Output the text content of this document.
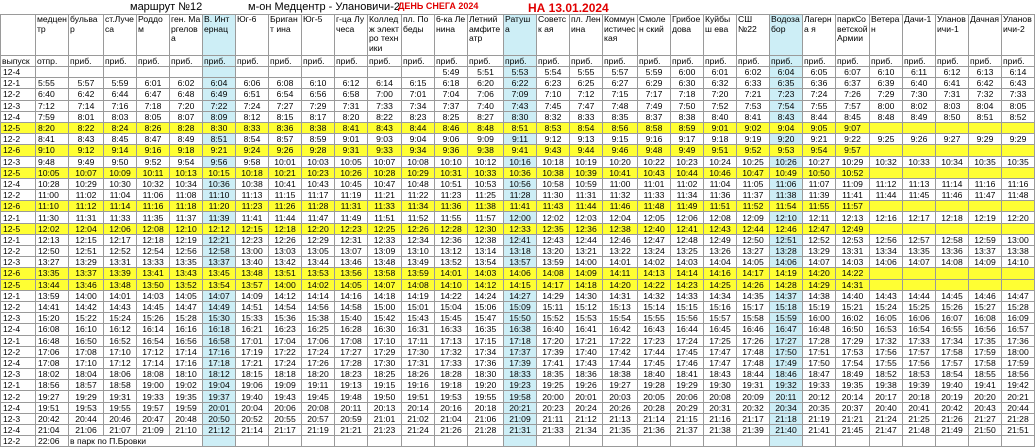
маршрут №12	м-он Медцентр - Улановичи-2
ДЕНЬ СНЕГА 2024	НА 13.01.2024
	медцентр	бульвар	ст.Луче са	Роддом	ген. Маргелова	В. Интернац	Юг-6	Бригант ина	Юг-5	г-ца Лучеса	Колледж электро техники	пл. Победы	6-ка Ленина	Летний амфитеатр	Ратуша	Советск ая	пл. Ленина	Коммун истическая	Смолен ский	Грибое дова	Куйбыш ева	СШ №22	Водоза бор	Лагерна я	паркСоветской Армии	Ветера н	Дачи-1	Уланов ичи-1	Дачная	Уланов ичи-2
выпуск	отпр.	приб.	приб.	приб.	приб.	приб.	приб.	приб.	приб.	приб.	приб.	приб.	приб.	приб.	приб.	приб.	приб.	приб.	приб.	приб.	приб.	приб.	приб.	приб.	приб.	приб.	приб.	приб.	приб.	приб.
12-4													5:49	5:51	5:53	5:54	5:55	5:57	5:59	6:00	6:01	6:02	6:04	6:05	6:07	6:10	6:11	6:12	6:13	6:14
12-1	5:55	5:57	5:59	6:01	6:02	6:04	6:06	6:08	6:10	6:12	6:14	6:15	6:18	6:20	6:22	6:23	6:25	6:27	6:29	6:30	6:32	6:33	6:35	6:36	6:37	6:39	6:40	6:41	6:42	6:43
12-2	6:40	6:42	6:44	6:47	6:48	6:49	6:51	6:54	6:56	6:58	7:00	7:01	7:04	7:06	7:09	7:10	7:12	7:15	7:17	7:18	7:20	7:21	7:23	7:24	7:26	7:29	7:30	7:31	7:32	7:33
12-3	7:12	7:14	7:16	7:18	7:20	7:22	7:24	7:27	7:29	7:31	7:33	7:34	7:37	7:40	7:43	7:45	7:47	7:48	7:49	7:50	7:52	7:53	7:54	7:55	7:57	8:00	8:02	8:03	8:04	8:05
12-4	7:59	8:01	8:03	8:05	8:07	8:09	8:12	8:15	8:17	8:20	8:22	8:23	8:25	8:27	8:30	8:32	8:33	8:35	8:37	8:38	8:40	8:41	8:43	8:44	8:45	8:48	8:49	8:50	8:51	8:52
12-5	8:20	8:22	8:24	8:26	8:28	8:30	8:33	8:36	8:38	8:41	8:43	8:44	8:46	8:48	8:51	8:53	8:54	8:56	8:58	8:59	9:01	9:02	9:04	9:05	9:07					
12-2	8:41	8:43	8:45	8:47	8:49	8:51	8:54	8:57	8:59	9:01	9:03	9:04	9:06	9:09	9:11	9:12	9:13	9:15	9:16	9:17	9:18	9:19	9:20	9:21	9:22	9:25	9:26	9:27	9:29	9:29
12-6	9:10	9:12	9:14	9:16	9:18	9:21	9:24	9:26	9:28	9:31	9:33	9:34	9:36	9:38	9:41	9:43	9:44	9:46	9:48	9:49	9:51	9:52	9:53	9:54	9:57					
12-3	9:48	9:49	9:50	9:52	9:54	9:56	9:58	10:01	10:03	10:05	10:07	10:08	10:10	10:12	10:16	10:18	10:19	10:20	10:22	10:23	10:24	10:25	10:26	10:27	10:29	10:32	10:33	10:34	10:35	10:35
12-5	10:05	10:07	10:09	10:11	10:13	10:15	10:18	10:21	10:23	10:26	10:28	10:29	10:31	10:33	10:36	10:38	10:39	10:41	10:43	10:44	10:46	10:47	10:49	10:50	10:52					
12-4	10:28	10:29	10:30	10:32	10:34	10:36	10:38	10:41	10:43	10:45	10:47	10:48	10:51	10:53	10:56	10:58	10:59	11:00	11:01	11:02	11:04	11:05	11:06	11:07	11:09	11:12	11:13	11:14	11:16	11:16
12-2	11:00	11:02	11:04	11:06	11:08	11:10	11:13	11:15	11:17	11:19	11:21	11:22	11:23	11:25	11:28	11:30	11:31	11:32	11:33	11:34	11:36	11:37	11:38	11:39	11:41	11:44	11:45	11:46	11:47	11:48
12-6	11:10	11:12	11:14	11:16	11:18	11:20	11:23	11:26	11:28	11:31	11:33	11:34	11:36	11:38	11:41	11:43	11:44	11:46	11:48	11:49	11:51	11:52	11:54	11:55	11:57					
12-1	11:30	11:31	11:33	11:35	11:37	11:39	11:41	11:44	11:47	11:49	11:51	11:52	11:55	11:57	12:00	12:02	12:03	12:04	12:05	12:06	12:08	12:09	12:10	12:11	12:13	12:16	12:17	12:18	12:19	12:20
12-5	12:02	12:04	12:06	12:08	12:10	12:12	12:15	12:18	12:20	12:23	12:25	12:26	12:28	12:30	12:33	12:35	12:36	12:38	12:40	12:41	12:43	12:44	12:46	12:47	12:49					
12-1	12:13	12:15	12:17	12:18	12:19	12:21	12:23	12:26	12:29	12:31	12:33	12:34	12:36	12:38	12:41	12:43	12:44	12:46	12:47	12:48	12:49	12:50	12:51	12:52	12:53	12:56	12:57	12:58	12:59	13:00
12-2	12:50	12:51	12:52	12:54	12:56	12:58	13:00	13:03	13:05	13:07	13:09	13:10	13:12	13:14	13:18	13:20	13:21	13:22	13:24	13:25	13:26	13:27	13:28	13:29	13:31	13:34	13:35	13:36	13:37	13:38
12-3	13:27	13:29	13:31	13:33	13:35	13:37	13:40	13:42	13:44	13:46	13:48	13:49	13:52	13:54	13:57	13:59	14:00	14:01	14:02	14:03	14:04	14:05	14:06	14:07	14:03	14:06	14:07	14:08	14:09	14:10
12-6	13:35	13:37	13:39	13:41	13:43	13:45	13:48	13:51	13:53	13:56	13:58	13:59	14:01	14:03	14:06	14:08	14:09	14:11	14:13	14:14	14:16	14:17	14:19	14:20	14:22					
12-5	13:44	13:46	13:48	13:50	13:52	13:54	13:57	14:00	14:02	14:05	14:07	14:08	14:10	14:12	14:15	14:17	14:18	14:20	14:22	14:23	14:25	14:26	14:28	14:29	14:31					
12-1	13:59	14:00	14:01	14:03	14:05	14:07	14:09	14:12	14:14	14:16	14:18	14:19	14:22	14:24	14:27	14:29	14:30	14:31	14:32	14:33	14:34	14:35	14:37	14:38	14:40	14:43	14:44	14:45	14:46	14:47
12-2	14:41	14:42	14:43	14:45	14:47	14:49	14:51	14:54	14:56	14:58	15:00	15:01	15:04	15:06	15:09	15:11	15:12	15:13	15:14	15:15	15:16	15:17	15:18	15:19	15:21	15:24	15:25	15:26	15:27	15:28
12-3	15:20	15:22	15:24	15:26	15:28	15:30	15:33	15:36	15:38	15:40	15:42	15:43	15:45	15:47	15:50	15:52	15:53	15:54	15:55	15:56	15:57	15:58	15:59	16:00	16:02	16:05	16:06	16:07	16:08	16:09
12-4	16:08	16:10	16:12	16:14	16:16	16:18	16:21	16:23	16:25	16:28	16:30	16:31	16:33	16:35	16:38	16:40	16:41	16:42	16:43	16:44	16:45	16:46	16:47	16:48	16:50	16:53	16:54	16:55	16:56	16:57
12-1	16:48	16:50	16:52	16:54	16:56	16:58	17:01	17:04	17:06	17:08	17:10	17:11	17:13	17:15	17:18	17:20	17:21	17:22	17:23	17:24	17:25	17:26	17:27	17:28	17:29	17:32	17:33	17:34	17:35	17:36
12-2	17:06	17:08	17:10	17:12	17:14	17:16	17:19	17:22	17:24	17:27	17:29	17:30	17:32	17:34	17:37	17:39	17:40	17:42	17:44	17:45	17:47	17:48	17:50	17:51	17:53	17:56	17:57	17:58	17:59	18:00
12-4	17:08	17:10	17:12	17:14	17:16	17:18	17:21	17:24	17:26	17:28	17:30	17:31	17:33	17:36	17:39	17:41	17:43	17:44	17:45	17:46	17:47	17:48	17:49	17:50	17:54	17:55	17:56	17:57	17:58	17:59
12-3	18:02	18:04	18:06	18:08	18:10	18:12	18:15	18:18	18:20	18:23	18:25	18:26	18:28	18:30	18:33	18:35	18:36	18:38	18:40	18:41	18:43	18:44	18:46	18:47	18:49	18:52	18:53	18:54	18:55	18:56
12-1	18:56	18:57	18:58	19:00	19:02	19:04	19:06	19:09	19:11	19:13	19:15	19:16	19:18	19:20	19:23	19:25	19:26	19:27	19:28	19:29	19:30	19:31	19:32	19:33	19:35	19:38	19:39	19:40	19:41	19:42
12-2	19:27	19:29	19:31	19:33	19:35	19:37	19:40	19:43	19:45	19:48	19:50	19:51	19:53	19:55	19:58	20:00	20:01	20:03	20:05	20:06	20:08	20:09	20:11	20:12	20:14	20:17	20:18	20:19	20:20	20:21
12-4	19:51	19:53	19:55	19:57	19:59	20:01	20:04	20:06	20:08	20:11	20:13	20:14	20:16	20:18	20:21	20:23	20:24	20:26	20:28	20:29	20:31	20:32	20:34	20:35	20:37	20:40	20:41	20:42	20:43	20:44
12-3	20:42	20:44	20:46	20:47	20:48	20:50	20:52	20:55	20:57	20:59	21:01	21:02	21:04	21:06	21:09	21:11	21:12	21:13	21:14	21:15	21:16	21:17	21:18	21:19	21:21	21:24	21:25	21:26	21:27	21:28
12-4	21:04	21:06	21:07	21:09	21:10	21:12	21:14	21:17	21:19	21:21	21:23	21:24	21:26	21:28	21:31	21:33	21:34	21:35	21:36	21:37	21:38	21:39	21:40	21:41	21:45	21:47	21:48	21:49	21:50	21:51
12-2	22:06	в парк по П.Бровки																												
